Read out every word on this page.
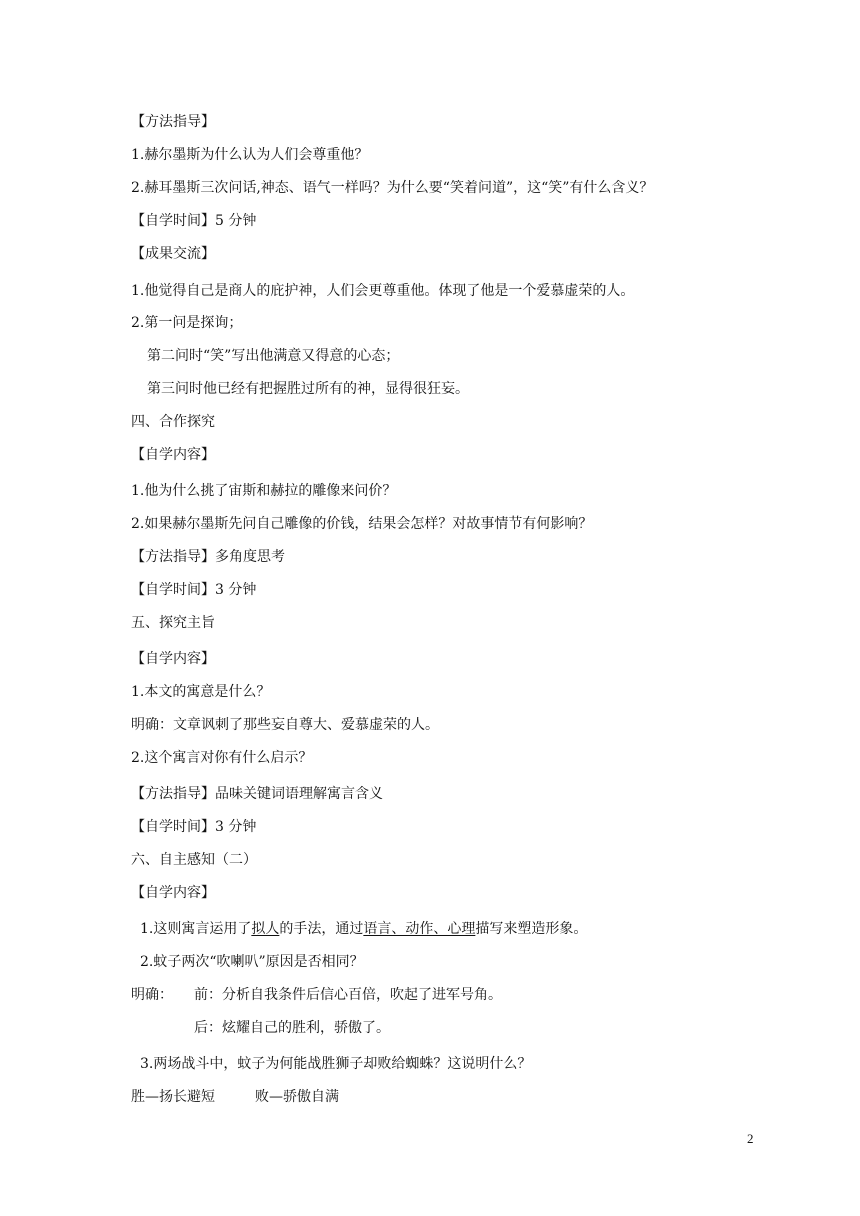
【方法指导】
1.赫尔墨斯为什么认为人们会尊重他？
2.赫耳墨斯三次问话,神态、语气一样吗？为什么要“笑着问道”，这“笑”有什么含义？
【自学时间】5 分钟
【成果交流】
1.他觉得自己是商人的庇护神，人们会更尊重他。体现了他是一个爱慕虚荣的人。
2.第一问是探询；
第二问时“笑”写出他满意又得意的心态；
第三问时他已经有把握胜过所有的神，显得很狂妄。
四、合作探究
【自学内容】
1.他为什么挑了宙斯和赫拉的雕像来问价？
2.如果赫尔墨斯先问自己雕像的价钱，结果会怎样？对故事情节有何影响？
【方法指导】多角度思考
【自学时间】3 分钟
五、探究主旨
【自学内容】
1.本文的寓意是什么？
明确：文章讽刺了那些妄自尊大、爱慕虚荣的人。
2.这个寓言对你有什么启示？
【方法指导】品味关键词语理解寓言含义
【自学时间】3 分钟
六、自主感知（二）
【自学内容】
1.这则寓言运用了拟人的手法，通过语言、动作、心理描写来塑造形象。
2.蚊子两次“吹喇叭”原因是否相同？
明确： 前：分析自我条件后信心百倍，吹起了进军号角。
后：炫耀自己的胜利，骄傲了。
3.两场战斗中，蚊子为何能战胜狮子却败给蜘蛛？这说明什么？
胜—扬长避短	败—骄傲自满
2
